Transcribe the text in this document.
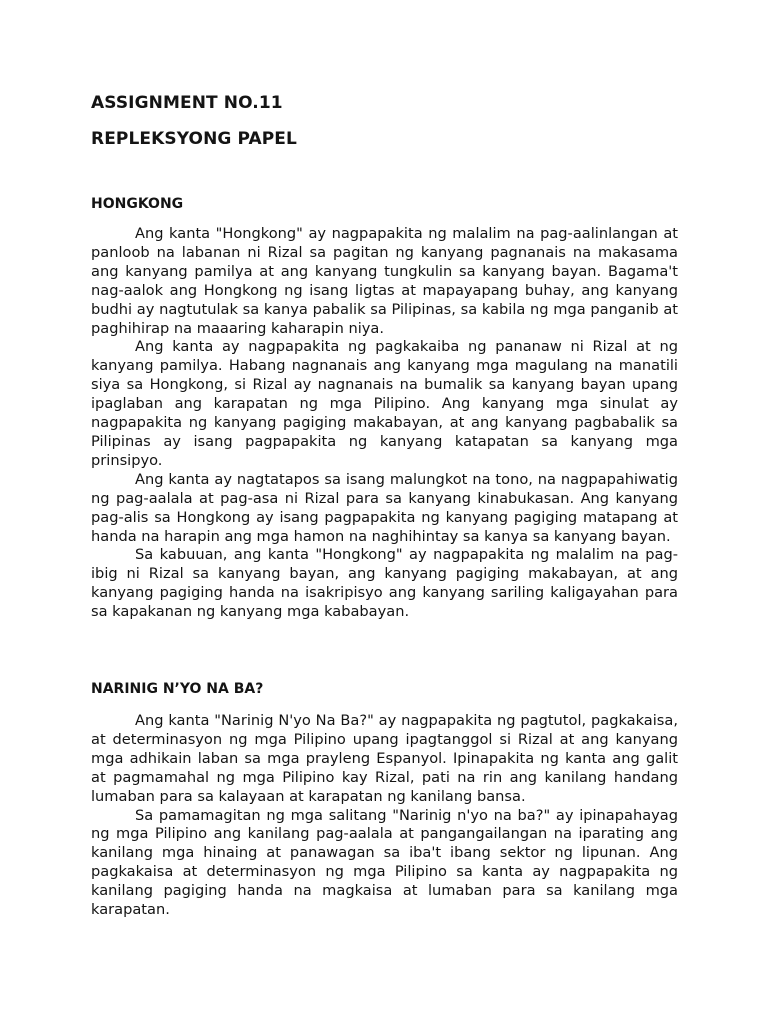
ASSIGNMENT NO.11
REPLEKSYONG PAPEL
HONGKONG

Ang kanta "Hongkong" ay nagpapakita ng malalim na pag-aalinlangan at panloob na labanan ni Rizal sa pagitan ng kanyang pagnanais na makasama ang kanyang pamilya at ang kanyang tungkulin sa kanyang bayan. Bagama't nag-aalok ang Hongkong ng isang ligtas at mapayapang buhay, ang kanyang budhi ay nagtutulak sa kanya pabalik sa Pilipinas, sa kabila ng mga panganib at paghihirap na maaaring kaharapin niya.

Ang kanta ay nagpapakita ng pagkakaiba ng pananaw ni Rizal at ng kanyang pamilya. Habang nagnanais ang kanyang mga magulang na manatili siya sa Hongkong, si Rizal ay nagnanais na bumalik sa kanyang bayan upang ipaglaban ang karapatan ng mga Pilipino. Ang kanyang mga sinulat ay nagpapakita ng kanyang pagiging makabayan, at ang kanyang pagbabalik sa Pilipinas ay isang pagpapakita ng kanyang katapatan sa kanyang mga prinsipyo.

Ang kanta ay nagtatapos sa isang malungkot na tono, na nagpapahiwatig ng pag-aalala at pag-asa ni Rizal para sa kanyang kinabukasan. Ang kanyang pag-alis sa Hongkong ay isang pagpapakita ng kanyang pagiging matapang at handa na harapin ang mga hamon na naghihintay sa kanya sa kanyang bayan.

Sa kabuuan, ang kanta "Hongkong" ay nagpapakita ng malalim na pag-ibig ni Rizal sa kanyang bayan, ang kanyang pagiging makabayan, at ang kanyang pagiging handa na isakripisyo ang kanyang sariling kaligayahan para sa kapakanan ng kanyang mga kababayan.

NARINIG N’YO NA BA?

Ang kanta "Narinig N'yo Na Ba?" ay nagpapakita ng pagtutol, pagkakaisa, at determinasyon ng mga Pilipino upang ipagtanggol si Rizal at ang kanyang mga adhikain laban sa mga prayleng Espanyol. Ipinapakita ng kanta ang galit at pagmamahal ng mga Pilipino kay Rizal, pati na rin ang kanilang handang lumaban para sa kalayaan at karapatan ng kanilang bansa.

Sa pamamagitan ng mga salitang "Narinig n'yo na ba?" ay ipinapahayag ng mga Pilipino ang kanilang pag-aalala at pangangailangan na iparating ang kanilang mga hinaing at panawagan sa iba't ibang sektor ng lipunan. Ang pagkakaisa at determinasyon ng mga Pilipino sa kanta ay nagpapakita ng kanilang pagiging handa na magkaisa at lumaban para sa kanilang mga karapatan.
